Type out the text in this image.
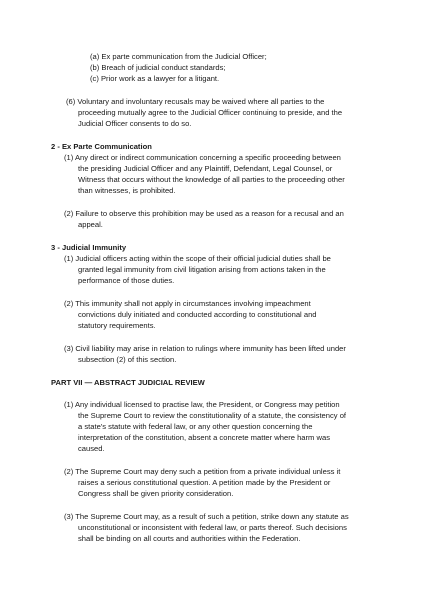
(a) Ex parte communication from the Judicial Officer;
(b) Breach of judicial conduct standards;
(c) Prior work as a lawyer for a litigant.
(6) Voluntary and involuntary recusals may be waived where all parties to the
proceeding mutually agree to the Judicial Officer continuing to preside, and the
Judicial Officer consents to do so.
2 - Ex Parte Communication
(1) Any direct or indirect communication concerning a specific proceeding between
the presiding Judicial Officer and any Plaintiff, Defendant, Legal Counsel, or
Witness that occurs without the knowledge of all parties to the proceeding other
than witnesses, is prohibited.
(2) Failure to observe this prohibition may be used as a reason for a recusal and an
appeal.
3 - Judicial Immunity
(1) Judicial officers acting within the scope of their official judicial duties shall be
granted legal immunity from civil litigation arising from actions taken in the
performance of those duties.
(2) This immunity shall not apply in circumstances involving impeachment
convictions duly initiated and conducted according to constitutional and
statutory requirements.
(3) Civil liability may arise in relation to rulings where immunity has been lifted under
subsection (2) of this section.
PART VII — ABSTRACT JUDICIAL REVIEW
(1) Any individual licensed to practise law, the President, or Congress may petition
the Supreme Court to review the constitutionality of a statute, the consistency of
a state's statute with federal law, or any other question concerning the
interpretation of the constitution, absent a concrete matter where harm was
caused.
(2) The Supreme Court may deny such a petition from a private individual unless it
raises a serious constitutional question. A petition made by the President or
Congress shall be given priority consideration.
(3) The Supreme Court may, as a result of such a petition, strike down any statute as
unconstitutional or inconsistent with federal law, or parts thereof. Such decisions
shall be binding on all courts and authorities within the Federation.
